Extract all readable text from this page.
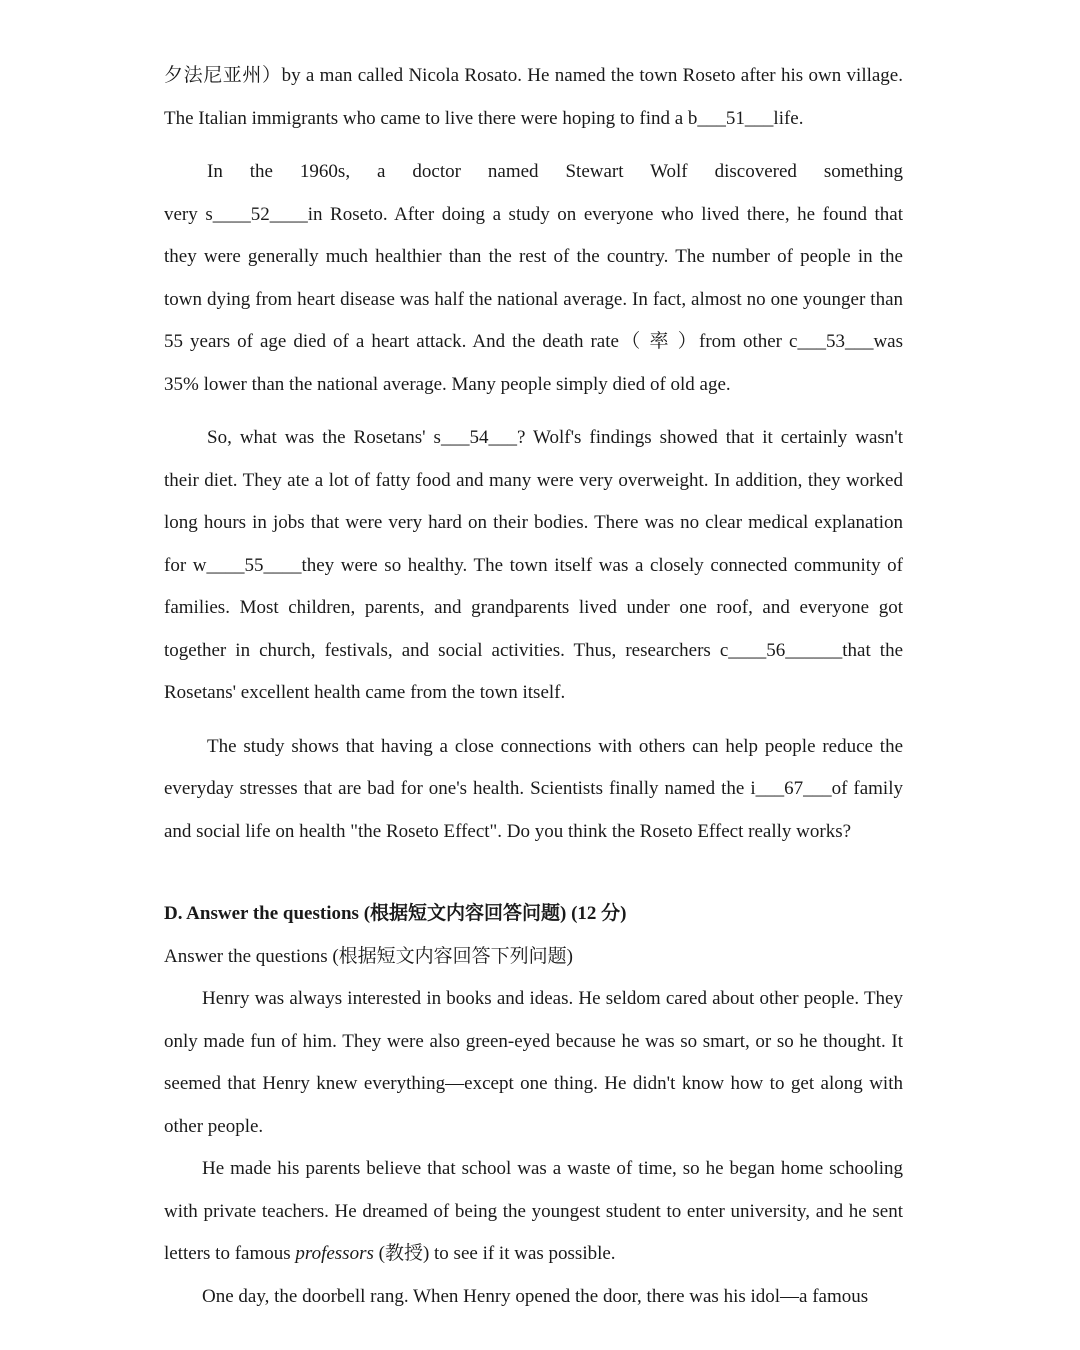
夕法尼亚州）by a man called Nicola Rosato. He named the town Roseto after his own village.
The Italian immigrants who came to live there were hoping to find a b___51___life.
In the 1960s, a doctor named Stewart Wolf discovered something
very s____52____in Roseto. After doing a study on everyone who lived there, he found that
they were generally much healthier than the rest of the country. The number of people in the
town dying from heart disease was half the national average. In fact, almost no one younger than
55 years of age died of a heart attack. And the death rate（ 率 ）from other c___53___was
35% lower than the national average. Many people simply died of old age.
So, what was the Rosetans' s___54___? Wolf's findings showed that it certainly wasn't
their diet. They ate a lot of fatty food and many were very overweight. In addition, they worked
long hours in jobs that were very hard on their bodies. There was no clear medical explanation
for w____55____they were so healthy. The town itself was a closely connected community of
families. Most children, parents, and grandparents lived under one roof, and everyone got
together in church, festivals, and social activities. Thus, researchers c____56______that the
Rosetans' excellent health came from the town itself.
The study shows that having a close connections with others can help people reduce the
everyday stresses that are bad for one's health. Scientists finally named the i___67___of family
and social life on health "the Roseto Effect". Do you think the Roseto Effect really works?
D. Answer the questions (根据短文内容回答问题) (12 分)
Answer the questions (根据短文内容回答下列问题)
Henry was always interested in books and ideas. He seldom cared about other people. They
only made fun of him. They were also green-eyed because he was so smart, or so he thought. It
seemed that Henry knew everything—except one thing. He didn't know how to get along with
other people.
He made his parents believe that school was a waste of time, so he began home schooling
with private teachers. He dreamed of being the youngest student to enter university, and he sent
letters to famous professors (教授) to see if it was possible.
One day, the doorbell rang. When Henry opened the door, there was his idol—a famous
